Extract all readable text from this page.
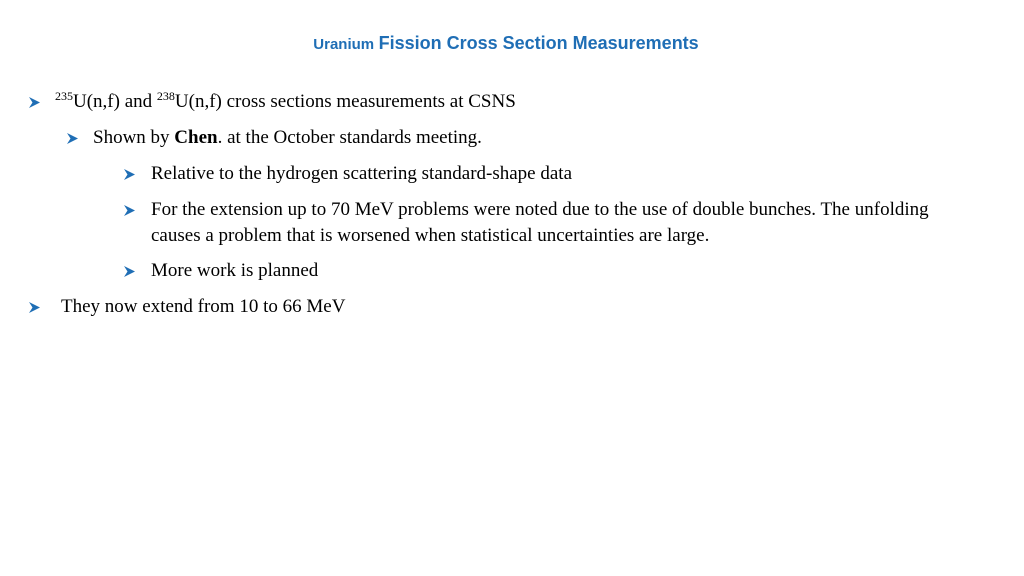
Uranium Fission Cross Section Measurements
$^{235}$U(n,f) and $^{238}$U(n,f) cross sections measurements at CSNS
Shown by Chen. at the October standards meeting.
Relative to the hydrogen scattering standard-shape data
For the extension up to 70 MeV problems were noted due to the use of double bunches. The unfolding causes a problem that is worsened when statistical uncertainties are large.
More work is planned
They now extend from 10 to 66 MeV
